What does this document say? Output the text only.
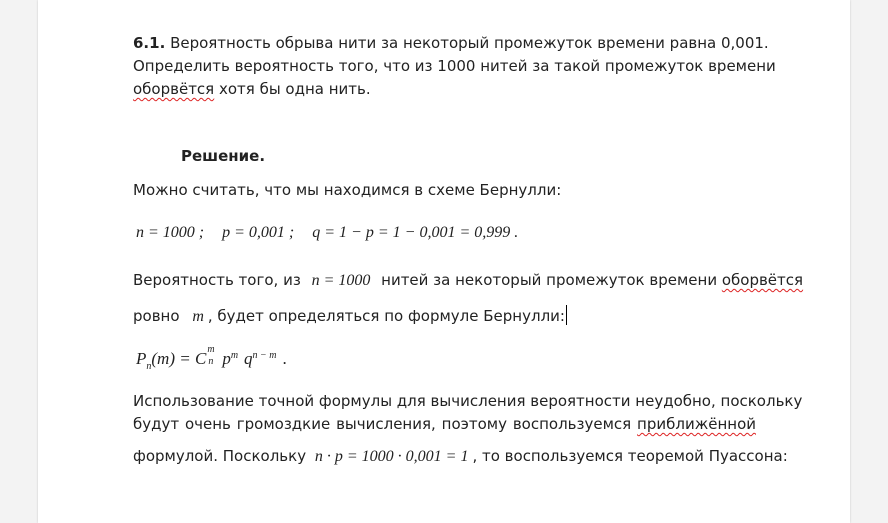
6.1. Вероятность обрыва нити за некоторый промежуток времени равна 0,001.
Определить вероятность того, что из 1000 нитей за такой промежуток времени
оборвётся хотя бы одна нить.
Решение.
Можно считать, что мы находимся в схеме Бернулли:
n = 1000 ; p = 0,001 ; q = 1 − p = 1 − 0,001 = 0,999 .
Вероятность того, из n = 1000 нитей за некоторый промежуток времени оборвётся
ровно m , будет определяться по формуле Бернулли:
$P_n(m) = C$ m
n $p^m$ $q^{n - m}$ .
Использование точной формулы для вычисления вероятности неудобно, поскольку
будут очень громоздкие вычисления, поэтому воспользуемся приближённой
формулой. Поскольку n · p = 1000 · 0,001 = 1 , то воспользуемся теоремой Пуассона:
